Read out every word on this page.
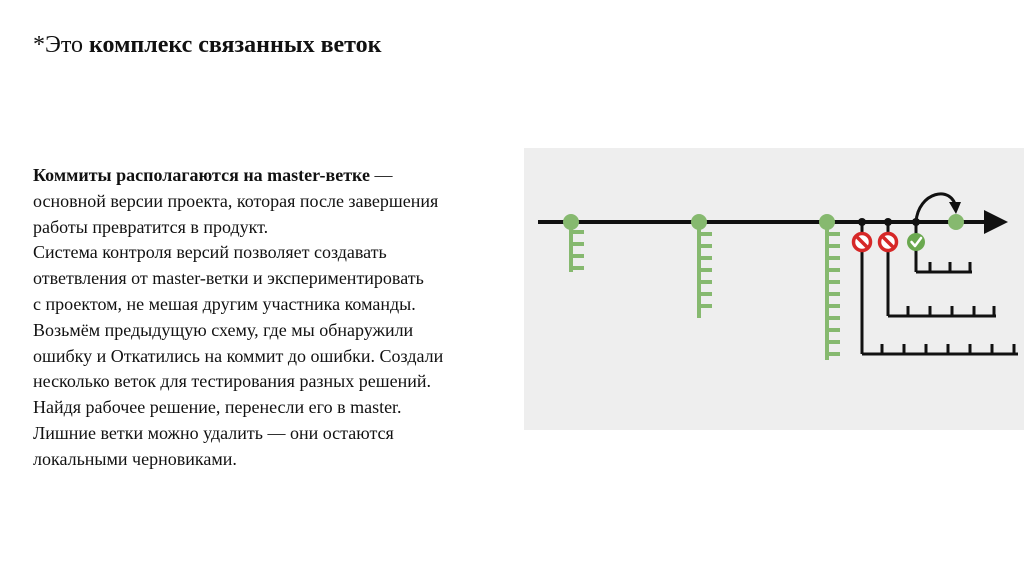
*Это комплекс связанных веток

Коммиты располагаются на master-ветке —

основной версии проекта, которая после завершения

работы превратится в продукт.

Система контроля версий позволяет создавать

ответвления от master-ветки и экспериментировать

с проектом, не мешая другим участника команды.

Возьмём предыдущую схему, где мы обнаружили

ошибку и Откатились на коммит до ошибки. Создали

несколько веток для тестирования разных решений.

Найдя рабочее решение, перенесли его в master.

Лишние ветки можно удалить — они остаются

локальными черновиками.
